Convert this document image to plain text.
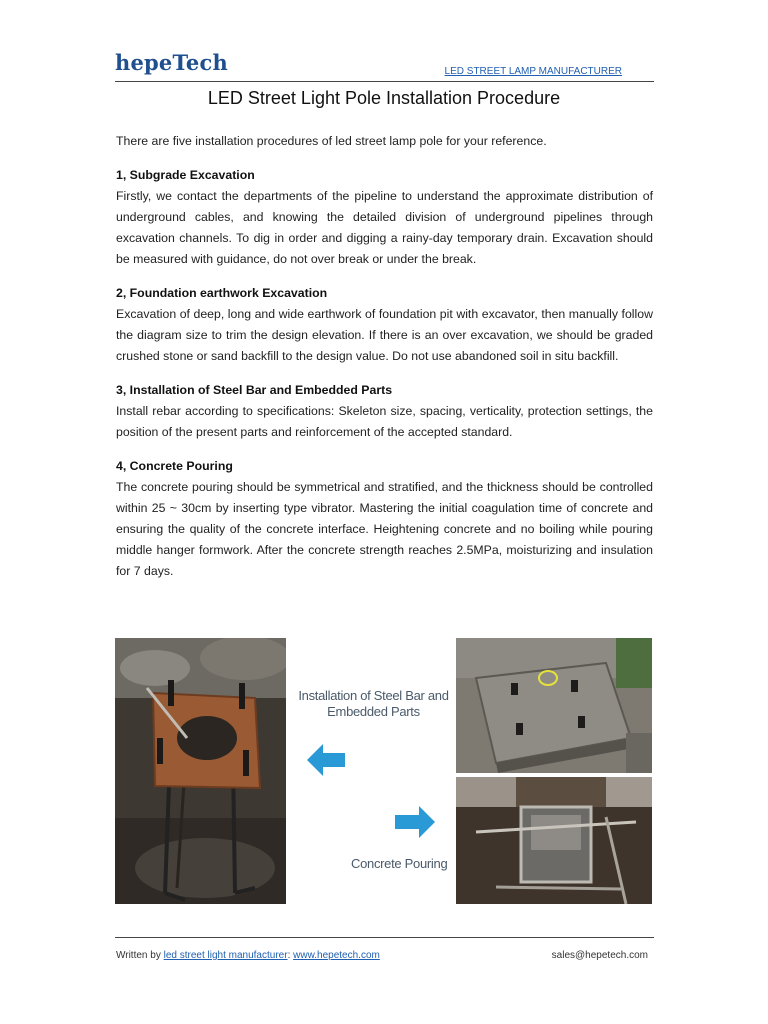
hepeTech	LED STREET LAMP MANUFACTURER
LED Street Light Pole Installation Procedure

There are five installation procedures of led street lamp pole for your reference.

1, Subgrade Excavation

Firstly, we contact the departments of the pipeline to understand the approximate distribution of underground cables, and knowing the detailed division of underground pipelines through excavation channels. To dig in order and digging a rainy-day temporary drain. Excavation should be measured with guidance, do not over break or under the break.

2, Foundation earthwork Excavation

Excavation of deep, long and wide earthwork of foundation pit with excavator, then manually follow the diagram size to trim the design elevation. If there is an over excavation, we should be graded crushed stone or sand backfill to the design value. Do not use abandoned soil in situ backfill.

3, Installation of Steel Bar and Embedded Parts

Install rebar according to specifications: Skeleton size, spacing, verticality, protection settings, the position of the present parts and reinforcement of the accepted standard.

4, Concrete Pouring

The concrete pouring should be symmetrical and stratified, and the thickness should be controlled within 25 ~ 30cm by inserting type vibrator. Mastering the initial coagulation time of concrete and ensuring the quality of the concrete interface. Heightening concrete and no boiling while pouring middle hanger formwork. After the concrete strength reaches 2.5MPa, moisturizing and insulation for 7 days.

Installation of Steel Bar and Embedded Parts
Concrete Pouring
Written by led street light manufacturer: www.hepetech.com	sales@hepetech.com
